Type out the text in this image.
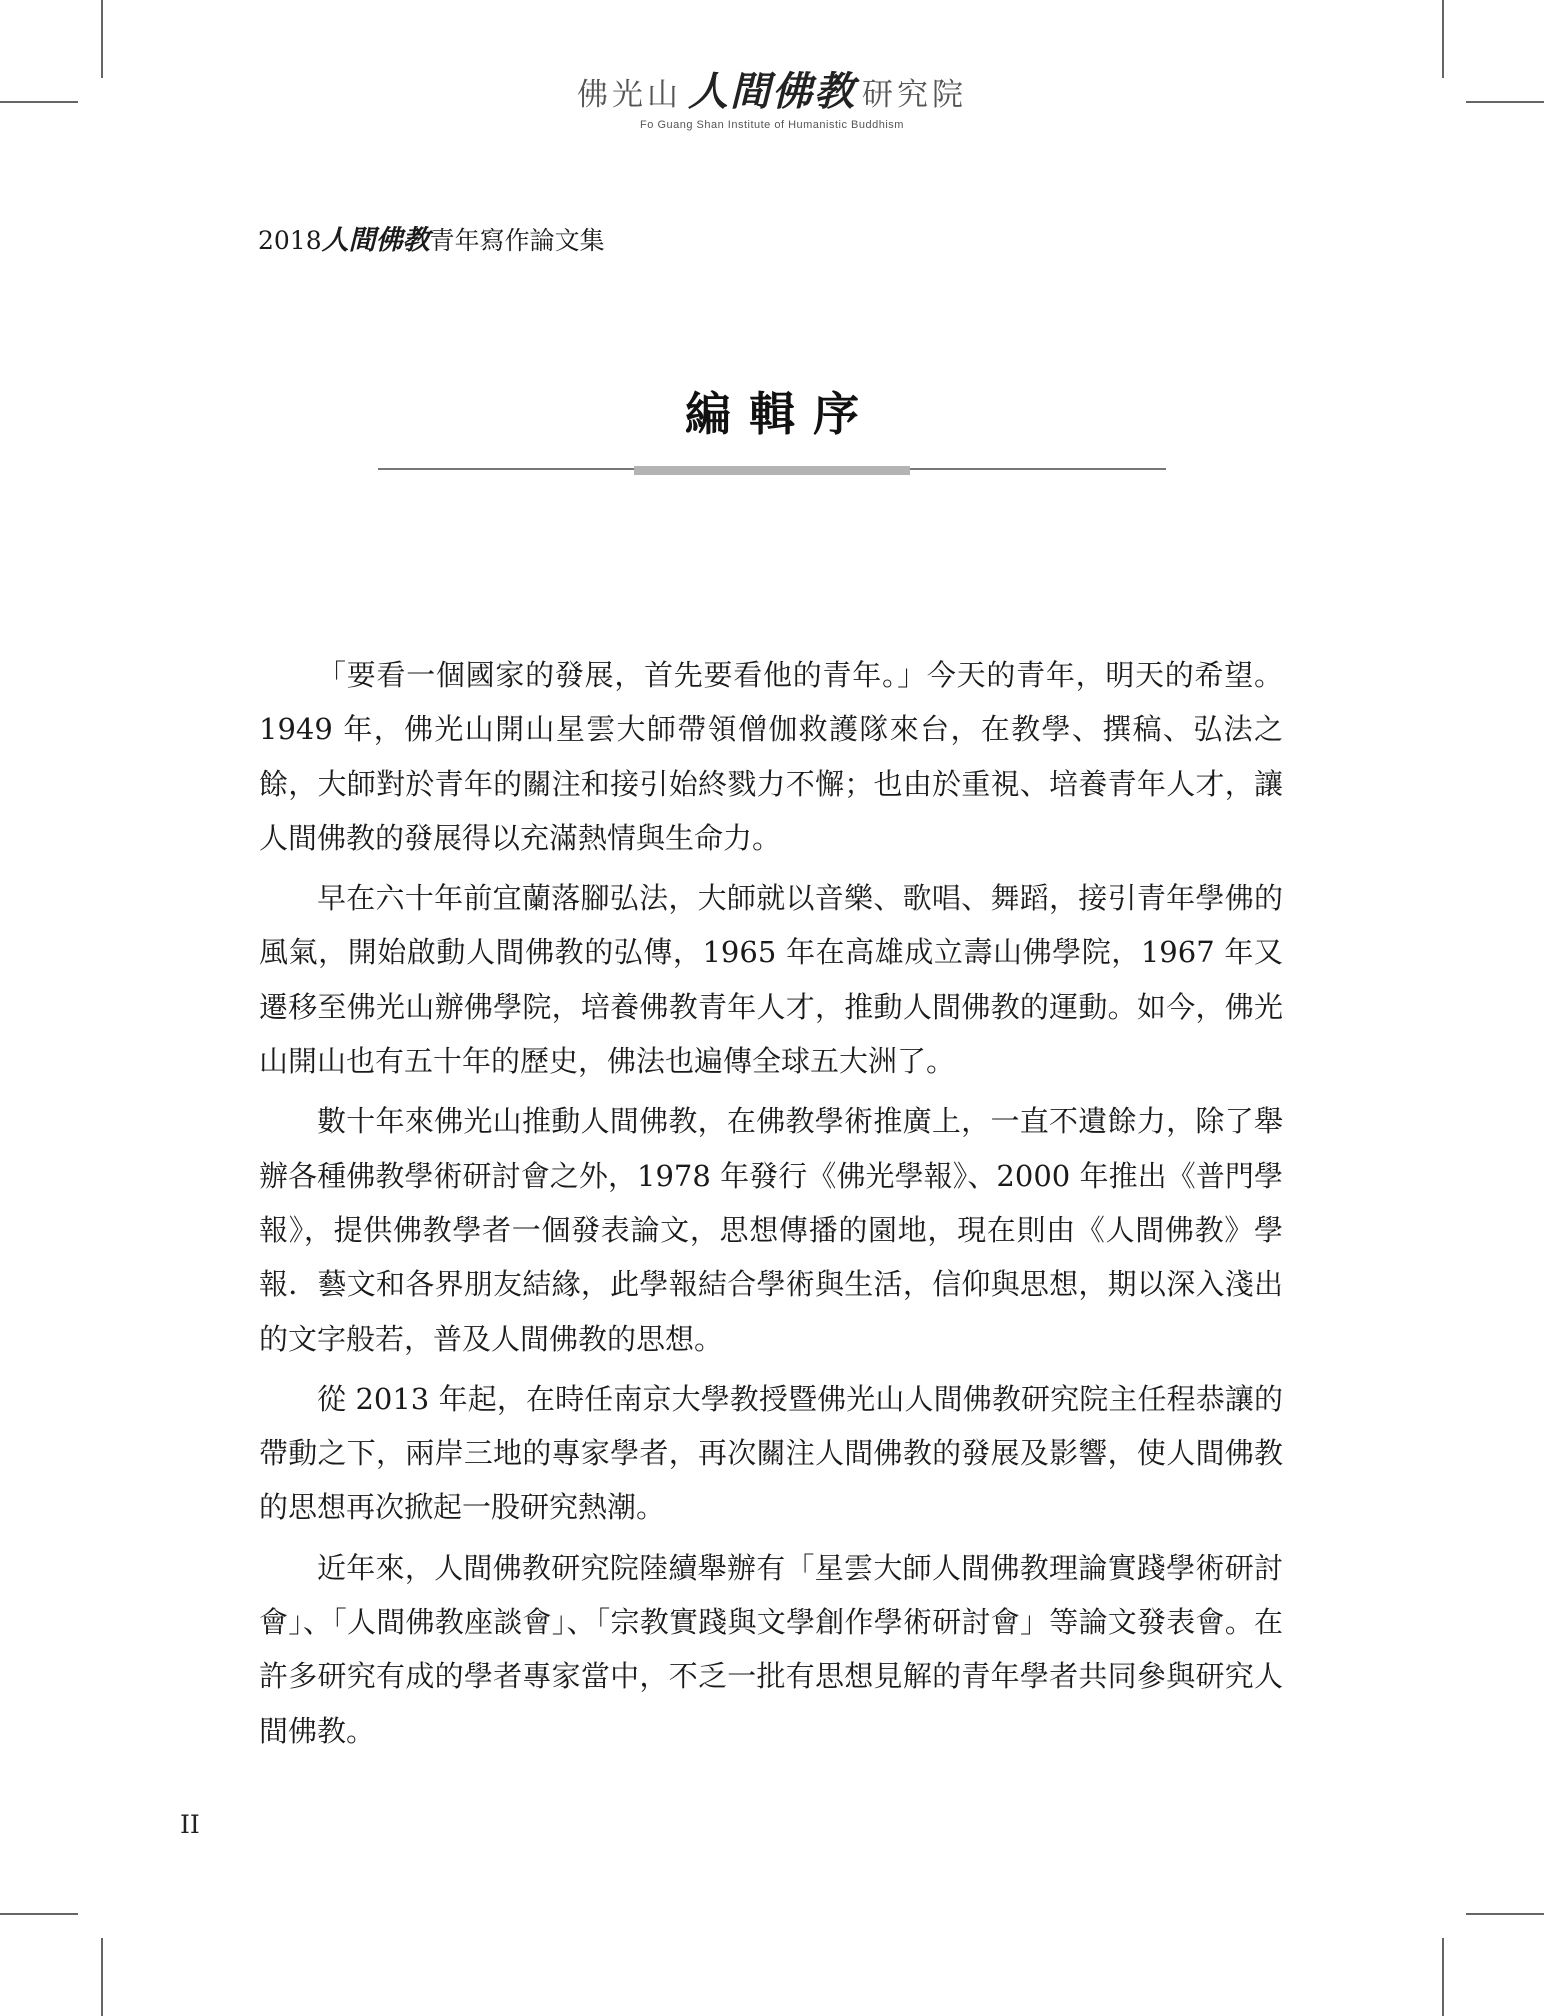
佛光山 人間佛教 研究院
Fo Guang Shan Institute of Humanistic Buddhism
2018人間佛教青年寫作論文集
編輯序

「要看一個國家的發展，首先要看他的青年。」今天的青年，明天的希望。1949 年，佛光山開山星雲大師帶領僧伽救護隊來台，在教學、撰稿、弘法之餘，大師對於青年的關注和接引始終戮力不懈；也由於重視、培養青年人才，讓人間佛教的發展得以充滿熱情與生命力。

早在六十年前宜蘭落腳弘法，大師就以音樂、歌唱、舞蹈，接引青年學佛的風氣，開始啟動人間佛教的弘傳，1965 年在高雄成立壽山佛學院，1967 年又遷移至佛光山辦佛學院，培養佛教青年人才，推動人間佛教的運動。如今，佛光山開山也有五十年的歷史，佛法也遍傳全球五大洲了。

數十年來佛光山推動人間佛教，在佛教學術推廣上，一直不遺餘力，除了舉辦各種佛教學術研討會之外，1978 年發行《佛光學報》、2000 年推出《普門學報》，提供佛教學者一個發表論文，思想傳播的園地，現在則由《人間佛教》學報．藝文和各界朋友結緣，此學報結合學術與生活，信仰與思想，期以深入淺出的文字般若，普及人間佛教的思想。

從 2013 年起，在時任南京大學教授暨佛光山人間佛教研究院主任程恭讓的帶動之下，兩岸三地的專家學者，再次關注人間佛教的發展及影響，使人間佛教的思想再次掀起一股研究熱潮。

近年來，人間佛教研究院陸續舉辦有「星雲大師人間佛教理論實踐學術研討會」、「人間佛教座談會」、「宗教實踐與文學創作學術研討會」等論文發表會。在許多研究有成的學者專家當中，不乏一批有思想見解的青年學者共同參與研究人間佛教。

II
